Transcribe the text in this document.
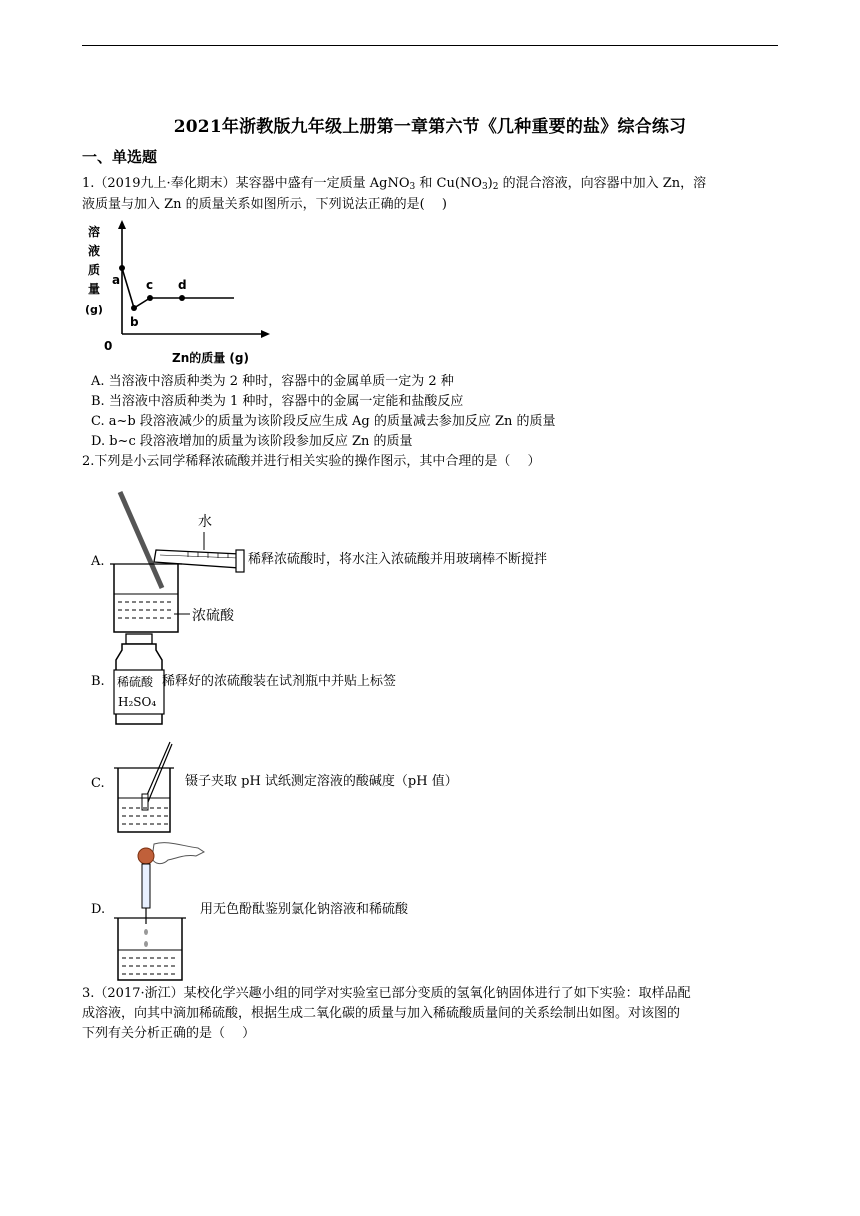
2021年浙教版九年级上册第一章第六节《几种重要的盐》综合练习
一、单选题
1.（2019九上·奉化期末）某容器中盛有一定质量 AgNO$_3$ 和 $Cu(NO_3)_2$ 的混合溶液，向容器中加入 Zn，溶
液质量与加入 Zn 的质量关系如图所示，下列说法正确的是(　 )
溶
液
质
量
(g)
a
b
c d
0
Zn的质量 (g)
A. 当溶液中溶质种类为 2 种时，容器中的金属单质一定为 2 种
B. 当溶液中溶质种类为 1 种时，容器中的金属一定能和盐酸反应
C. a~b 段溶液减少的质量为该阶段反应生成 Ag 的质量减去参加反应 Zn 的质量
D. b~c 段溶液增加的质量为该阶段参加反应 Zn 的质量
2.下列是小云同学稀释浓硫酸并进行相关实验的操作图示，其中合理的是（　 ）
A.
水
浓硫酸
稀释浓硫酸时，将水注入浓硫酸并用玻璃棒不断搅拌
B. 稀硫酸
H₂SO₄
稀释好的浓硫酸装在试剂瓶中并贴上标签
C.	镊子夹取 pH 试纸测定溶液的酸碱度（pH 值）
D.	用无色酚酞鉴别氯化钠溶液和稀硫酸
3.（2017·浙江）某校化学兴趣小组的同学对实验室已部分变质的氢氧化钠固体进行了如下实验：取样品配
成溶液，向其中滴加稀硫酸，根据生成二氧化碳的质量与加入稀硫酸质量间的关系绘制出如图。对该图的
下列有关分析正确的是（　 ）
